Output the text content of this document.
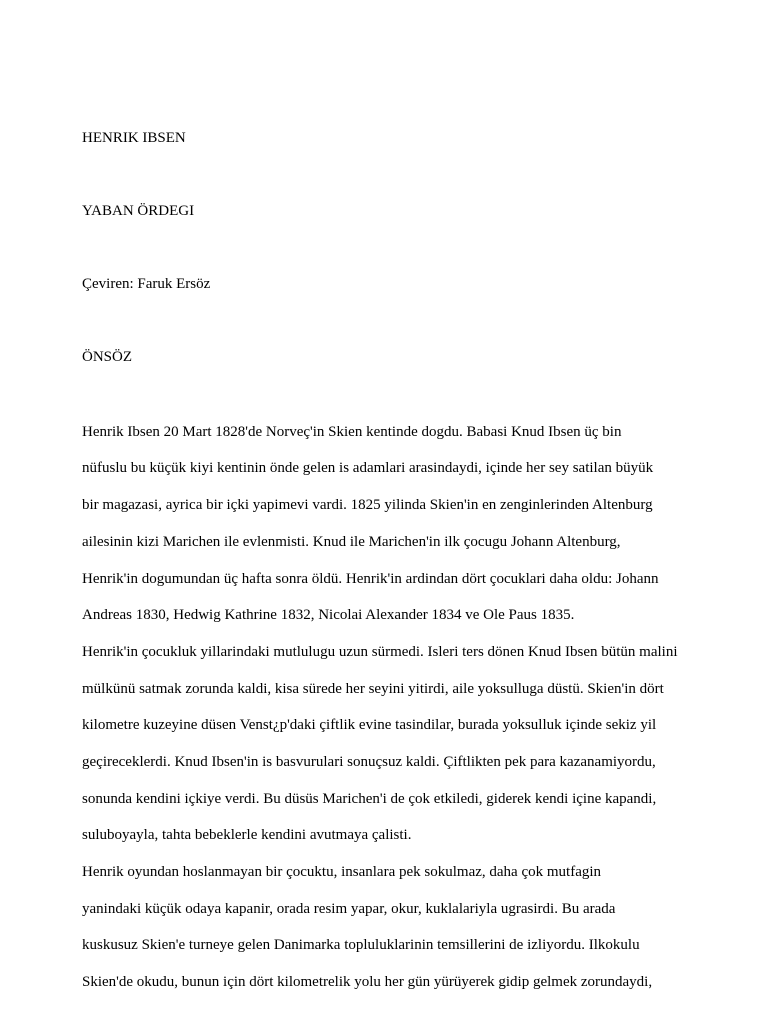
HENRIK IBSEN
YABAN ÖRDEGI
Çeviren: Faruk Ersöz
ÖNSÖZ
Henrik Ibsen 20 Mart 1828'de Norveç'in Skien kentinde dogdu. Babasi Knud Ibsen üç bin
nüfuslu bu küçük kiyi kentinin önde gelen is adamlari arasindaydi, içinde her sey satilan büyük
bir magazasi, ayrica bir içki yapimevi vardi. 1825 yilinda Skien'in en zenginlerinden Altenburg
ailesinin kizi Marichen ile evlenmisti. Knud ile Marichen'in ilk çocugu Johann Altenburg,
Henrik'in dogumundan üç hafta sonra öldü. Henrik'in ardindan dört çocuklari daha oldu: Johann
Andreas 1830, Hedwig Kathrine 1832, Nicolai Alexander 1834 ve Ole Paus 1835.
Henrik'in çocukluk yillarindaki mutlulugu uzun sürmedi. Isleri ters dönen Knud Ibsen bütün malini
mülkünü satmak zorunda kaldi, kisa sürede her seyini yitirdi, aile yoksulluga düstü. Skien'in dört
kilometre kuzeyine düsen Venst¿p'daki çiftlik evine tasindilar, burada yoksulluk içinde sekiz yil
geçireceklerdi. Knud Ibsen'in is basvurulari sonuçsuz kaldi. Çiftlikten pek para kazanamiyordu,
sonunda kendini içkiye verdi. Bu düsüs Marichen'i de çok etkiledi, giderek kendi içine kapandi,
suluboyayla, tahta bebeklerle kendini avutmaya çalisti.
Henrik oyundan hoslanmayan bir çocuktu, insanlara pek sokulmaz, daha çok mutfagin
yanindaki küçük odaya kapanir, orada resim yapar, okur, kuklalariyla ugrasirdi. Bu arada
kuskusuz Skien'e turneye gelen Danimarka topluluklarinin temsillerini de izliyordu. Ilkokulu
Skien'de okudu, bunun için dört kilometrelik yolu her gün yürüyerek gidip gelmek zorundaydi,
